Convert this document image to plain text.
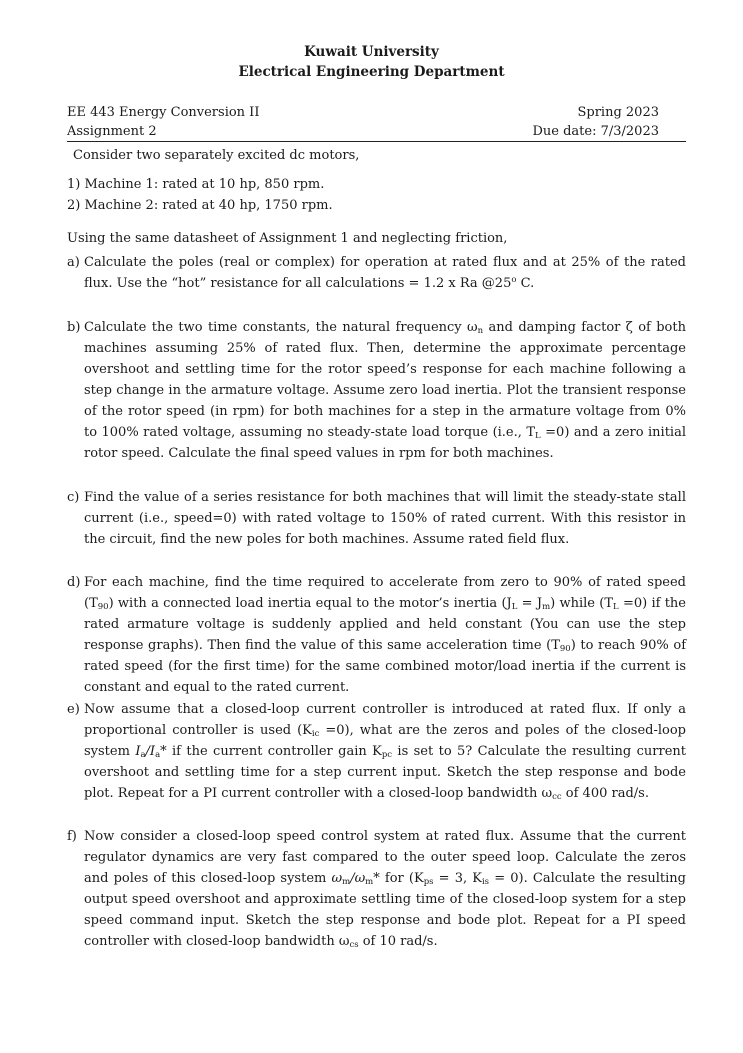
Kuwait University
Electrical Engineering Department
EE 443 Energy Conversion II	Spring 2023
Assignment 2	Due date: 7/3/2023
Consider two separately excited dc motors,
1) Machine 1: rated at 10 hp, 850 rpm.
2) Machine 2: rated at 40 hp, 1750 rpm.
Using the same datasheet of Assignment 1 and neglecting friction,
a) Calculate the poles (real or complex) for operation at rated flux and at 25% of the rated flux. Use the “hot” resistance for all calculations = 1.2 x Ra @25$^o$ C.
b) Calculate the two time constants, the natural frequency $\omega_n$ and damping factor ζ of both machines assuming 25% of rated flux. Then, determine the approximate percentage overshoot and settling time for the rotor speed’s response for each machine following a step change in the armature voltage. Assume zero load inertia. Plot the transient response of the rotor speed (in rpm) for both machines for a step in the armature voltage from 0% to 100% rated voltage, assuming no steady-state load torque (i.e., $T_L =0$) and a zero initial rotor speed. Calculate the final speed values in rpm for both machines.
c) Find the value of a series resistance for both machines that will limit the steady-state stall current (i.e., speed=0) with rated voltage to 150% of rated current. With this resistor in the circuit, find the new poles for both machines. Assume rated field flux.
d) For each machine, find the time required to accelerate from zero to 90% of rated speed $(T_{90})$ with a connected load inertia equal to the motor’s inertia $(J_L = J_m)$ while $(T_L =0)$ if the rated armature voltage is suddenly applied and held constant (You can use the step response graphs). Then find the value of this same acceleration time $(T_{90})$ to reach 90% of rated speed (for the first time) for the same combined motor/load inertia if the current is constant and equal to the rated current.
e) Now assume that a closed-loop current controller is introduced at rated flux. If only a proportional controller is used $(K_{ic} =0)$, what are the zeros and poles of the closed-loop system $I_a/I_a*$ if the current controller gain $K_{pc}$ is set to 5? Calculate the resulting current overshoot and settling time for a step current input. Sketch the step response and bode plot. Repeat for a PI current controller with a closed-loop bandwidth $\omega_{cc}$ of 400 rad/s.
f) Now consider a closed-loop speed control system at rated flux. Assume that the current regulator dynamics are very fast compared to the outer speed loop. Calculate the zeros and poles of this closed-loop system $\omega_m/\omega_m*$ for ($K_{ps} = 3$, $K_{is} = 0$). Calculate the resulting output speed overshoot and approximate settling time of the closed-loop system for a step speed command input. Sketch the step response and bode plot. Repeat for a PI speed controller with closed-loop bandwidth $\omega_{cs}$ of 10 rad/s.
